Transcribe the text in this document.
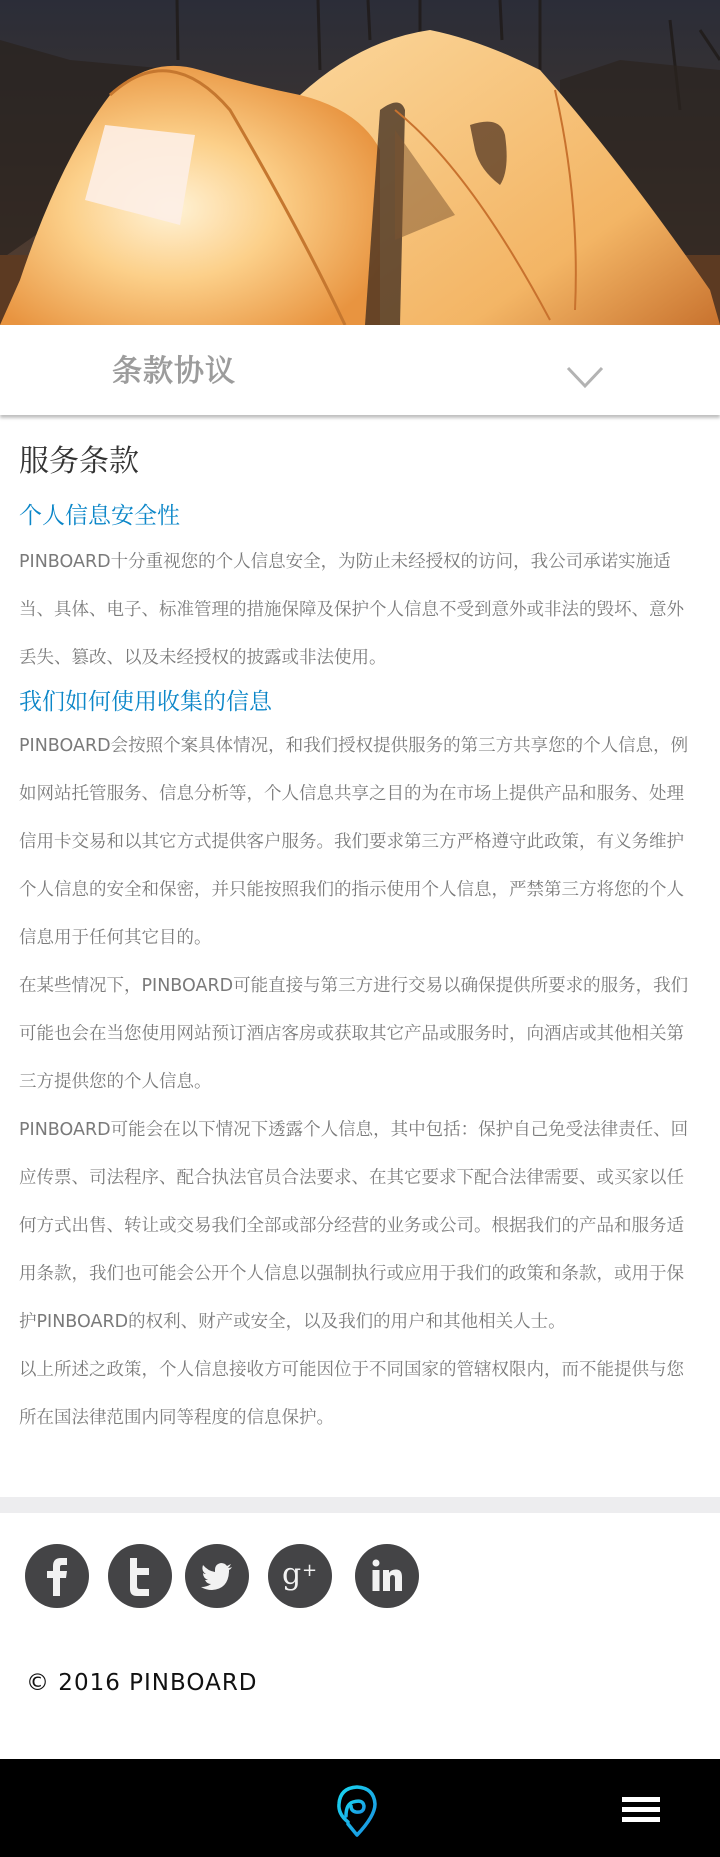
条款协议
服务条款
个人信息安全性

PINBOARD十分重视您的个人信息安全，为防止未经授权的访问，我公司承诺实施适当、具体、电子、标准管理的措施保障及保护个人信息不受到意外或非法的毁坏、意外丢失、篡改、以及未经授权的披露或非法使用。

我们如何使用收集的信息

PINBOARD会按照个案具体情况，和我们授权提供服务的第三方共享您的个人信息，例如网站托管服务、信息分析等，个人信息共享之目的为在市场上提供产品和服务、处理信用卡交易和以其它方式提供客户服务。我们要求第三方严格遵守此政策，有义务维护个人信息的安全和保密，并只能按照我们的指示使用个人信息，严禁第三方将您的个人信息用于任何其它目的。

在某些情况下，PINBOARD可能直接与第三方进行交易以确保提供所要求的服务，我们可能也会在当您使用网站预订酒店客房或获取其它产品或服务时，向酒店或其他相关第三方提供您的个人信息。

PINBOARD可能会在以下情况下透露个人信息，其中包括：保护自己免受法律责任、回应传票、司法程序、配合执法官员合法要求、在其它要求下配合法律需要、或买家以任何方式出售、转让或交易我们全部或部分经营的业务或公司。根据我们的产品和服务适用条款，我们也可能会公开个人信息以强制执行或应用于我们的政策和条款，或用于保护PINBOARD的权利、财产或安全，以及我们的用户和其他相关人士。

以上所述之政策，个人信息接收方可能因位于不同国家的管辖权限内，而不能提供与您所在国法律范围内同等程度的信息保护。

g +
© 2016 PINBOARD
